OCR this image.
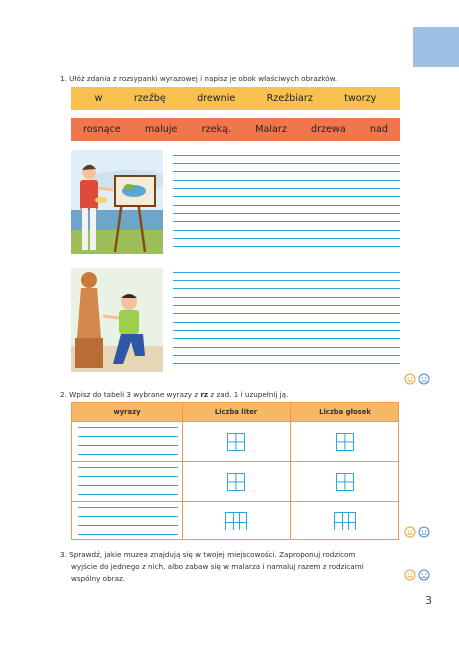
1. Ułóż zdania z rozsypanki wyrazowej i napisz je obok właściwych obrazków.
w	rzeźbę	drewnie	Rzeźbiarz	tworzy
rosnące	maluje	rzeką.	Malarz	drzewa	nad
2. Wpisz do tabeli 3 wybrane wyrazy z rz z zad. 1 i uzupełnij ją.
wyrazy	Liczba liter	Liczba głosek
3. Sprawdź, jakie muzea znajdują się w twojej miejscowości. Zaproponuj rodzicom
wyjście do jednego z nich, albo zabaw się w malarza i namaluj razem z rodzicami
wspólny obraz.
3
